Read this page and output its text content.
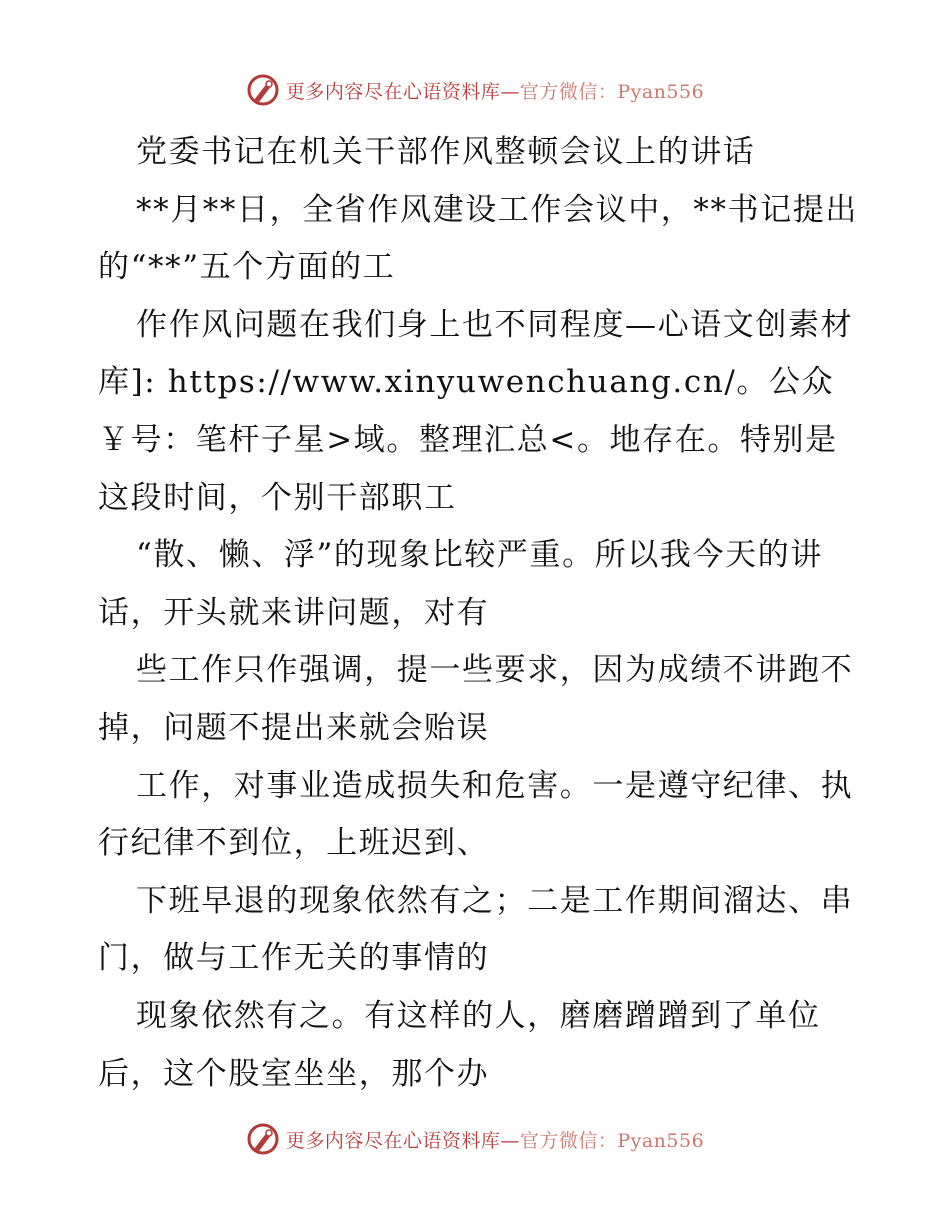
更多内容尽在心语资料库—官方微信：Pyan556

党委书记在机关干部作风整顿会议上的讲话

**月**日，全省作风建设工作会议中，**书记提出的“**”五个方面的工

作作风问题在我们身上也不同程度—心语文创素材库]: https://www.xinyuwenchuang.cn/。公众￥号：笔杆子星>域。整理汇总<。地存在。特别是这段时间，个别干部职工

“散、懒、浮”的现象比较严重。所以我今天的讲话，开头就来讲问题，对有

些工作只作强调，提一些要求，因为成绩不讲跑不掉，问题不提出来就会贻误

工作，对事业造成损失和危害。一是遵守纪律、执行纪律不到位，上班迟到、

下班早退的现象依然有之；二是工作期间溜达、串门，做与工作无关的事情的

现象依然有之。有这样的人，磨磨蹭蹭到了单位后，这个股室坐坐，那个办

更多内容尽在心语资料库—官方微信：Pyan556
